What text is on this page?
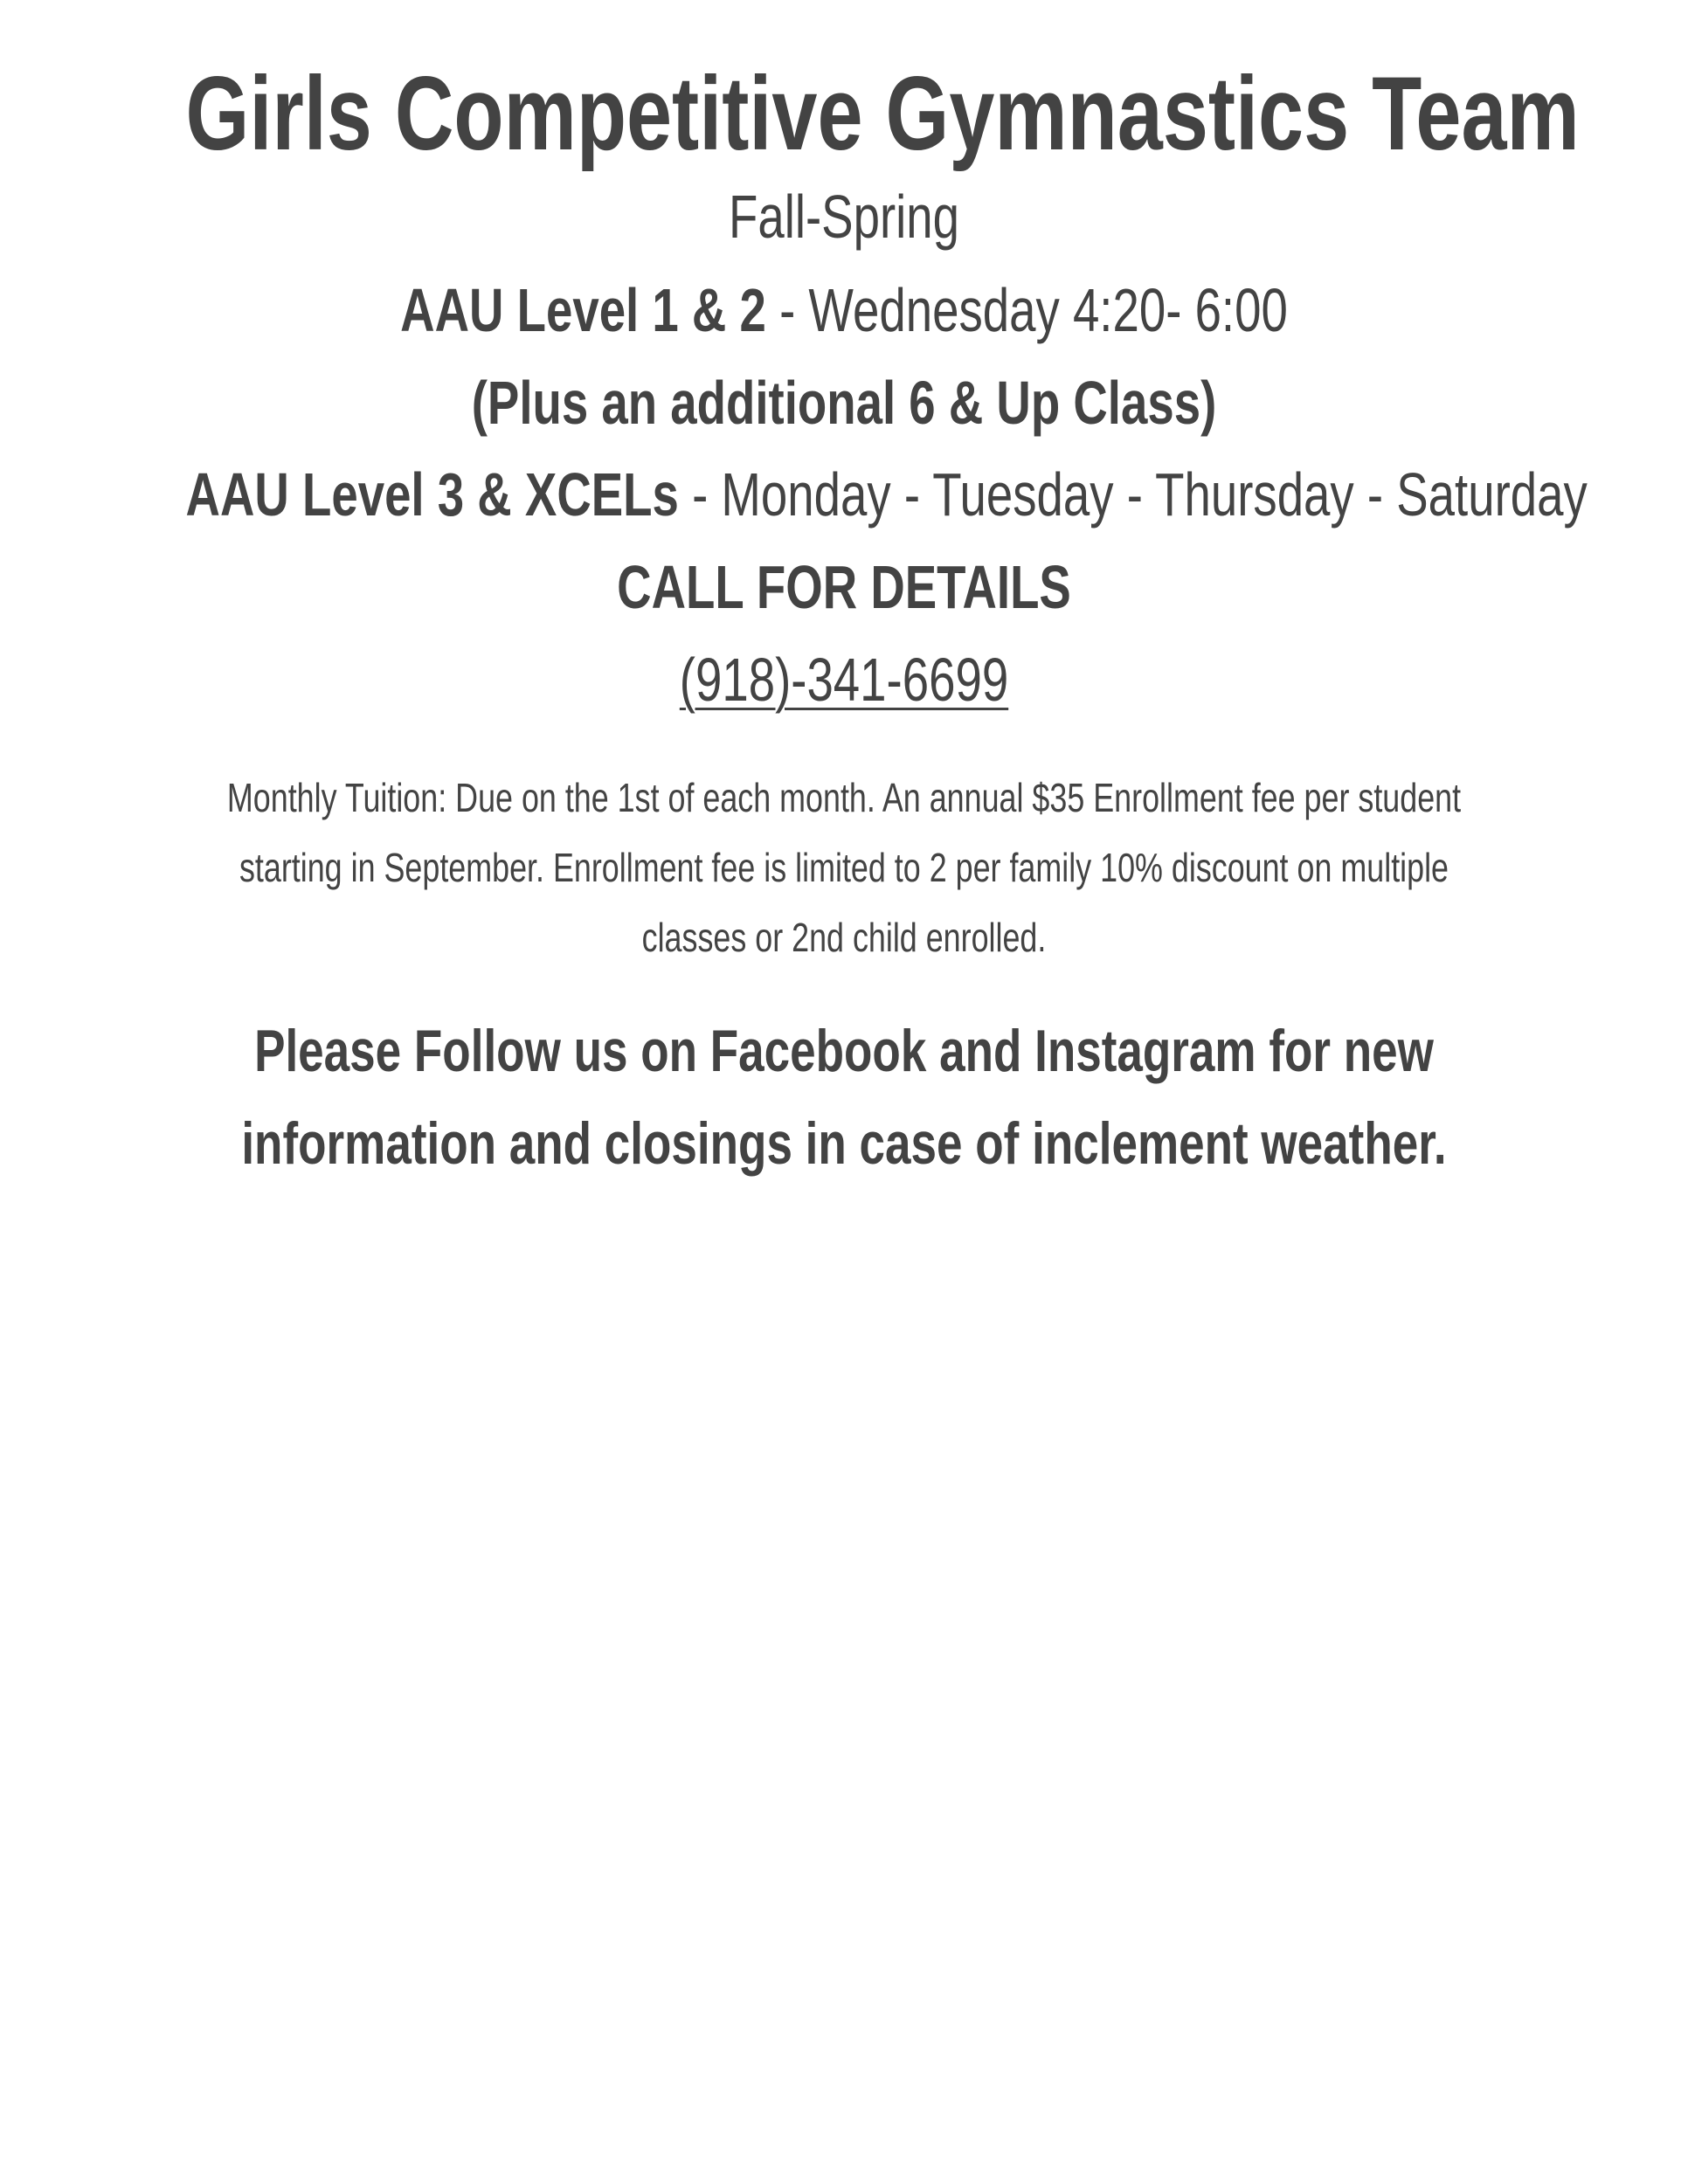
Girls Competitive Gymnastics Team

Fall-Spring

AAU Level 1 & 2 - Wednesday 4:20- 6:00

(Plus an additional 6 & Up Class)

AAU Level 3 & XCELs - Monday - Tuesday - Thursday - Saturday

CALL FOR DETAILS

(918)-341-6699

Monthly Tuition: Due on the 1st of each month. An annual $35 Enrollment fee per student
starting in September. Enrollment fee is limited to 2 per family 10% discount on multiple
classes or 2nd child enrolled.
Please Follow us on Facebook and Instagram for new
information and closings in case of inclement weather.
